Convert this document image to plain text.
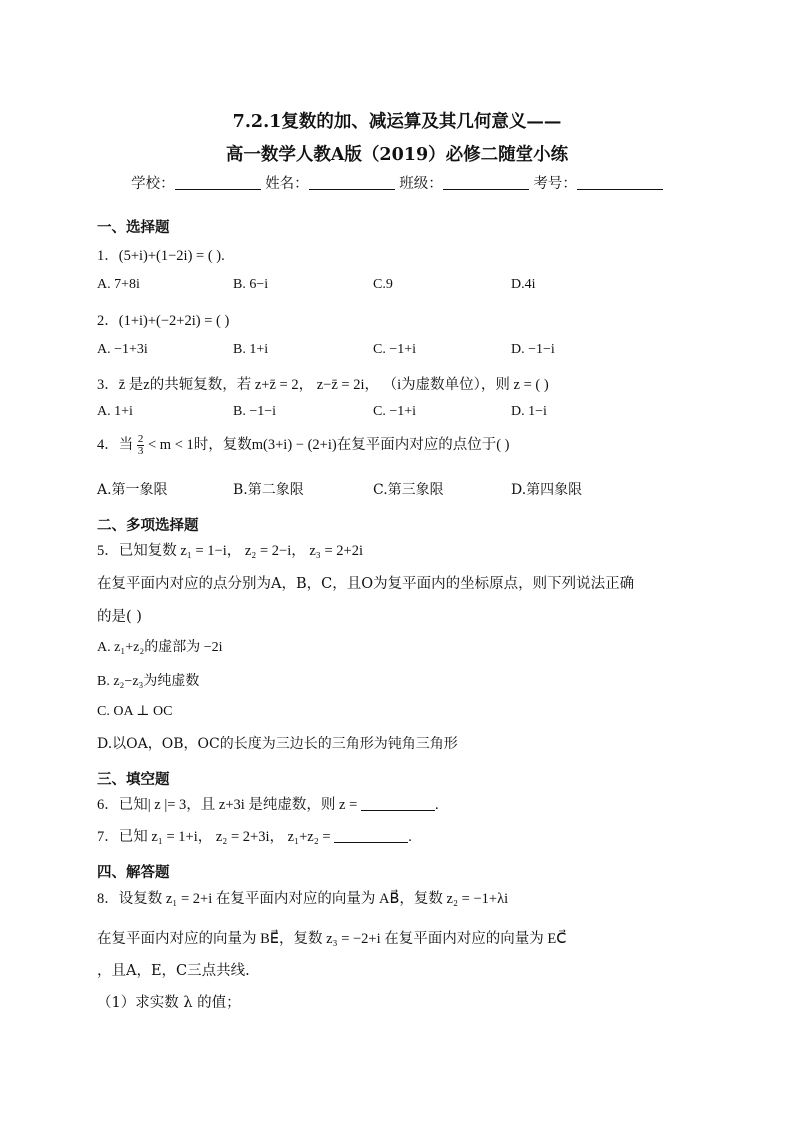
7.2.1复数的加、减运算及其几何意义——
高一数学人教A版（2019）必修二随堂小练
学校：	姓名：	班级：	考号：
一、选择题
1．(5+i)+(1−2i) = ( ).
A. 7+8i	B. 6−i	C.9	D.4i
2．(1+i)+(−2+2i) = ( )
A. −1+3i	B. 1+i	C. −1+i	D. −1−i
3．z̄ 是z的共轭复数，若 z+z̄ = 2， z−z̄ = 2i， （i为虚数单位），则 z = ( )
A. 1+i	B. −1−i	C. −1+i	D. 1−i
4．当 $\frac{2}{3} < m < 1$时，复数m(3+i) − (2+i)在复平面内对应的点位于( )
A.第一象限	B.第二象限	C.第三象限	D.第四象限
二、多项选择题
5．已知复数 z₁ = 1−i， z₂ = 2−i， z₃ = 2+2i
在复平面内对应的点分别为A，B，C，且O为复平面内的坐标原点，则下列说法正确
的是( )
A. z₁+z₂的虚部为 −2i
B. z₂−z₃为纯虚数
C. OA ⊥ OC
D.以OA，OB，OC的长度为三边长的三角形为钝角三角形
三、填空题
6．已知| z |= 3，且 z+3i 是纯虚数，则 z =	.
7．已知 z₁ = 1+i， z₂ = 2+3i， z₁+z₂ =	.
四、解答题
8．设复数 z₁ = 2+i 在复平面内对应的向量为 AB⃗，复数 z₂ = −1+λi
在复平面内对应的向量为 BE⃗，复数 z₃ = −2+i 在复平面内对应的向量为 EC⃗
，且A，E，C三点共线.
（1）求实数 λ 的值；
